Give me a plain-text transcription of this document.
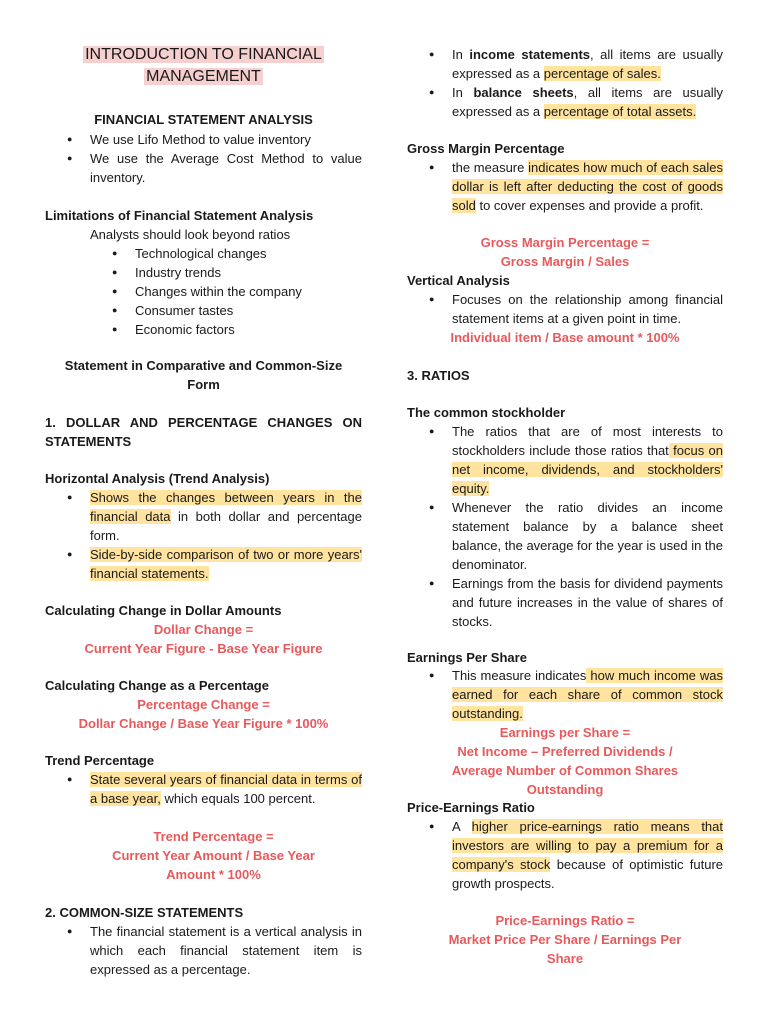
INTRODUCTION TO FINANCIAL
MANAGEMENT
FINANCIAL STATEMENT ANALYSIS
● We use Lifo Method to value inventory
● We use the Average Cost Method to value inventory.
Limitations of Financial Statement Analysis
Analysts should look beyond ratios
● Technological changes
● Industry trends
● Changes within the company
● Consumer tastes
● Economic factors
Statement in Comparative and Common-Size Form
1. DOLLAR AND PERCENTAGE CHANGES ON STATEMENTS
Horizontal Analysis (Trend Analysis)
● Shows the changes between years in the financial data in both dollar and percentage form.
● Side-by-side comparison of two or more years' financial statements.
Calculating Change in Dollar Amounts
Dollar Change =
Current Year Figure - Base Year Figure
Calculating Change as a Percentage
Percentage Change =
Dollar Change / Base Year Figure * 100%
Trend Percentage
● State several years of financial data in terms of a base year, which equals 100 percent.
Trend Percentage =
Current Year Amount / Base Year
Amount * 100%
2. COMMON-SIZE STATEMENTS
● The financial statement is a vertical analysis in which each financial statement item is expressed as a percentage.
● In income statements, all items are usually expressed as a percentage of sales.
● In balance sheets, all items are usually expressed as a percentage of total assets.
Gross Margin Percentage
● the measure indicates how much of each sales dollar is left after deducting the cost of goods sold to cover expenses and provide a profit.
Gross Margin Percentage =
Gross Margin / Sales
Vertical Analysis
● Focuses on the relationship among financial statement items at a given point in time.
Individual item / Base amount * 100%
3. RATIOS
The common stockholder
● The ratios that are of most interests to stockholders include those ratios that focus on net income, dividends, and stockholders' equity.
● Whenever the ratio divides an income statement balance by a balance sheet balance, the average for the year is used in the denominator.
● Earnings from the basis for dividend payments and future increases in the value of shares of stocks.
Earnings Per Share
● This measure indicates how much income was earned for each share of common stock outstanding.
Earnings per Share =
Net Income – Preferred Dividends /
Average Number of Common Shares
Outstanding
Price-Earnings Ratio
● A higher price-earnings ratio means that investors are willing to pay a premium for a company's stock because of optimistic future growth prospects.
Price-Earnings Ratio =
Market Price Per Share / Earnings Per
Share
